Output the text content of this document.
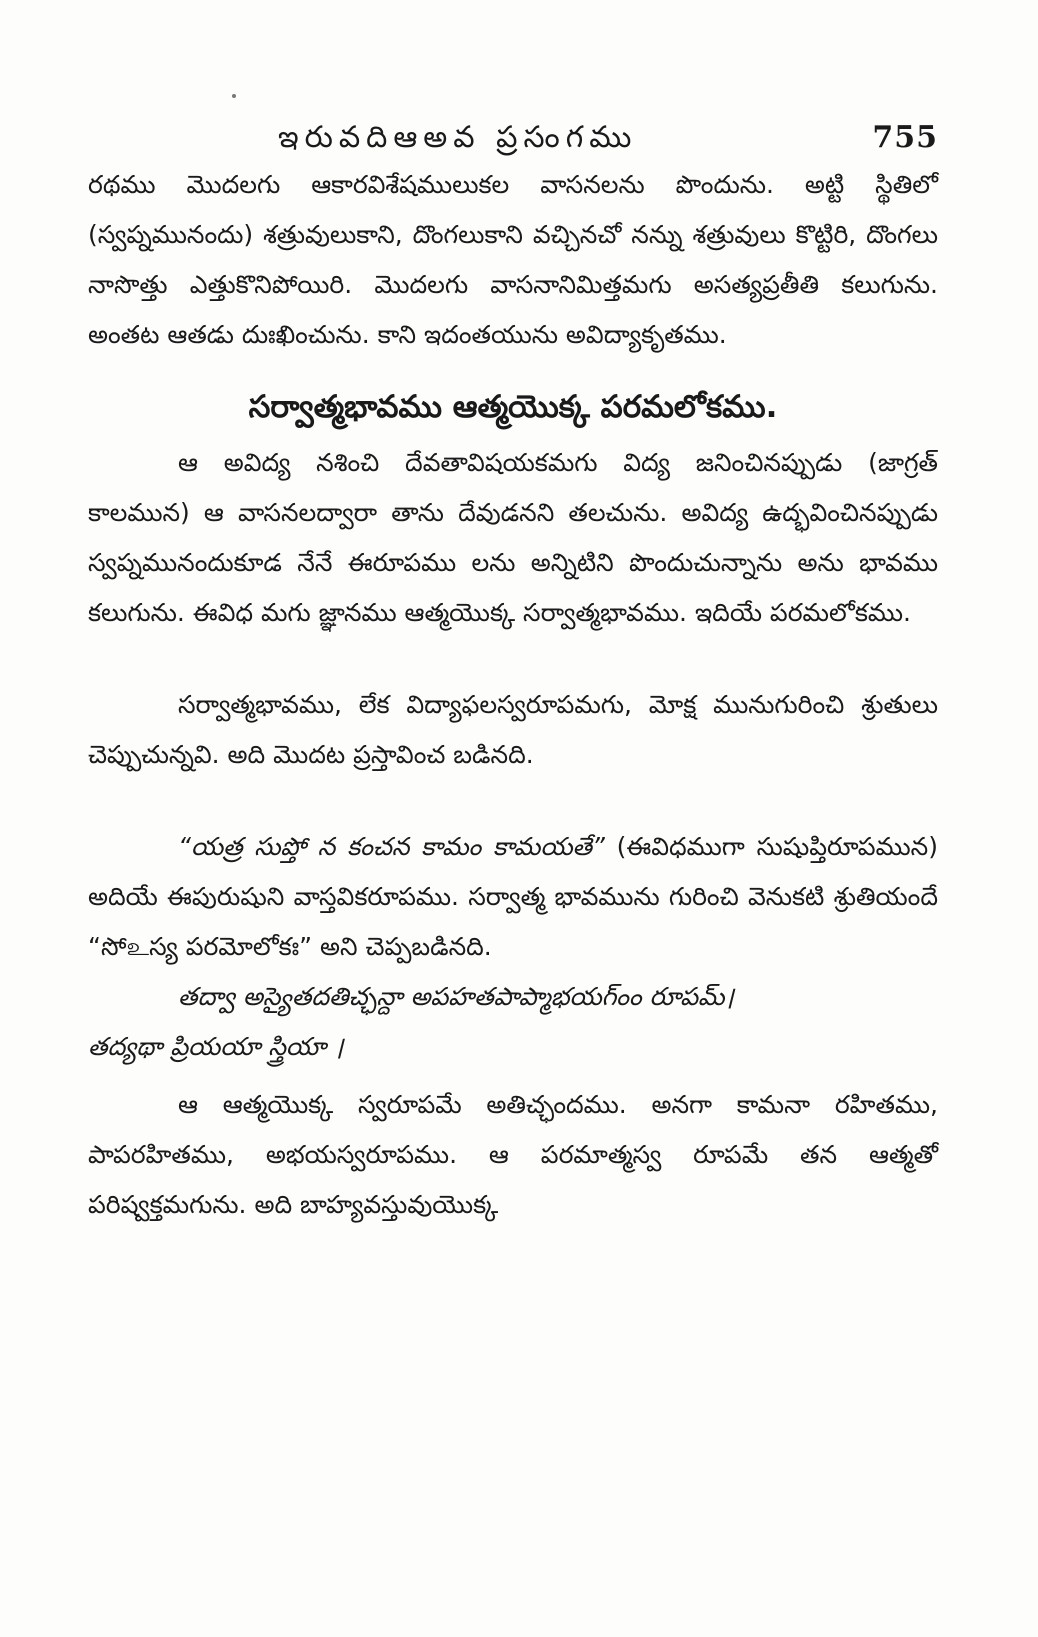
ఇరువదిఆఅవ ప్రసంగము	755

రథము మొదలగు ఆకారవిశేషములుకల వాసనలను పొందును. అట్టి స్థితిలో (స్వప్నమునందు) శత్రువులుకాని, దొంగలుకాని వచ్చినచో నన్ను శత్రువులు కొట్టిరి, దొంగలు నాసొత్తు ఎత్తుకొనిపోయిరి. మొదలగు వాసనానిమిత్తమగు అసత్యప్రతీతి కలుగును. అంతట ఆతడు దుఃఖించును. కాని ఇదంతయును అవిద్యాకృతము.

సర్వాత్మభావము ఆత్మయొక్క పరమలోకము.

ఆ అవిద్య నశించి దేవతావిషయకమగు విద్య జనించినప్పుడు (జాగ్రత్ కాలమున) ఆ వాసనలద్వారా తాను దేవుడనని తలచును. అవిద్య ఉద్భవించినప్పుడు స్వప్నమునందుకూడ నేనే ఈరూపము లను అన్నిటిని పొందుచున్నాను అను భావము కలుగును. ఈవిధ మగు జ్ఞానము ఆత్మయొక్క సర్వాత్మభావము. ఇదియే పరమలోకము.

సర్వాత్మభావము, లేక విద్యాఫలస్వరూపమగు, మోక్ష మునుగురించి శ్రుతులు చెప్పుచున్నవి. అది మొదట ప్రస్తావించ బడినది.

“యత్ర సుప్తో న కంచన కామం కామయతే” (ఈవిధముగా సుషుప్తిరూపమున) అదియే ఈపురుషుని వాస్తవికరూపము. సర్వాత్మ భావమును గురించి వెనుకటి శ్రుతియందే “సోஉస్య పరమోలోకః” అని చెప్పబడినది.

తద్వా అస్యైతదతిచ్ఛన్దా అపహతపాప్మాభయగ్ంం రూపమ్।

తద్యథా ప్రియయా స్త్రియా ।

ఆ ఆత్మయొక్క స్వరూపమే అతిచ్ఛందము. అనగా కామనా రహితము, పాపరహితము, అభయస్వరూపము. ఆ పరమాత్మస్వ రూపమే తన ఆత్మతో పరిష్వక్తమగును. అది బాహ్యవస్తువుయొక్క
